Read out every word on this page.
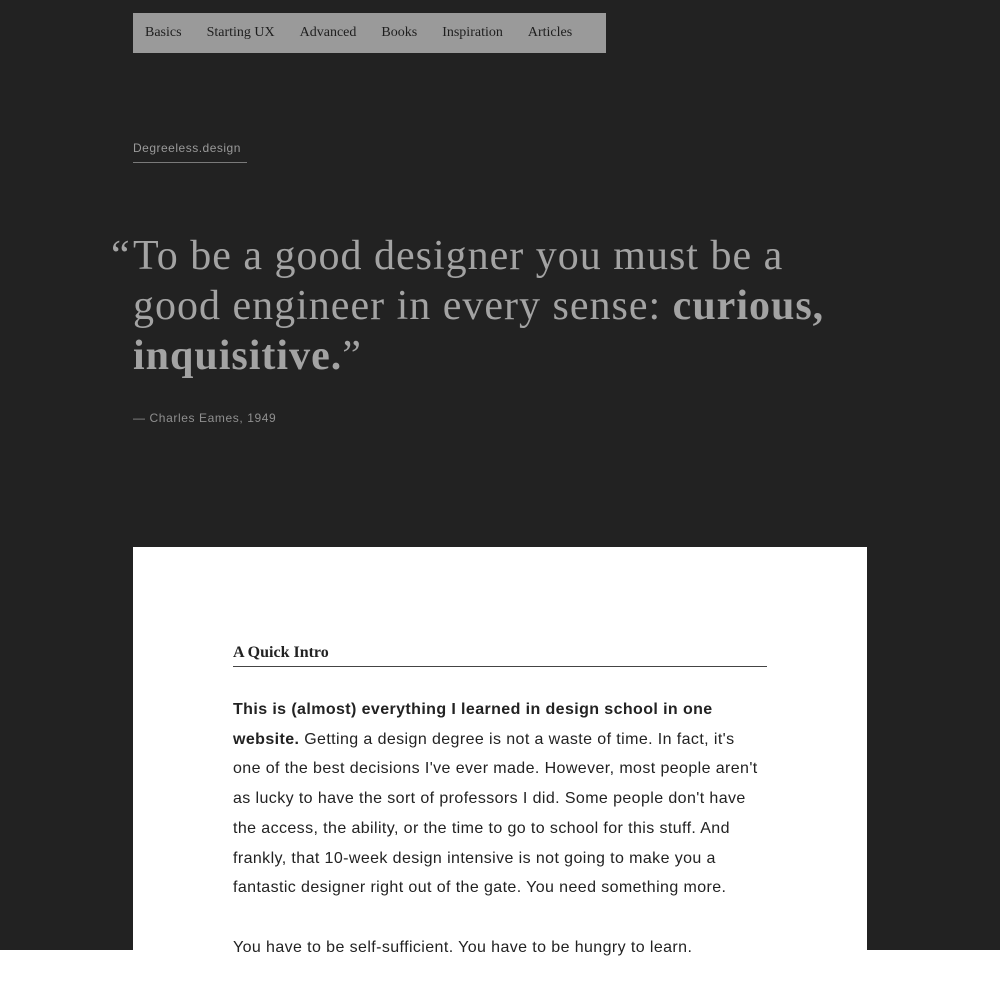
Basics Starting UX Advanced Books Inspiration Articles
Degreeless.design
“ To be a good designer you must be a good engineer in every sense: curious, inquisitive.”
— Charles Eames, 1949
A Quick Intro

This is (almost) everything I learned in design school in one website. Getting a design degree is not a waste of time. In fact, it's one of the best decisions I've ever made. However, most people aren't as lucky to have the sort of professors I did. Some people don't have the access, the ability, or the time to go to school for this stuff. And frankly, that 10-week design intensive is not going to make you a fantastic designer right out of the gate. You need something more.

You have to be self-sufficient. You have to be hungry to learn.
